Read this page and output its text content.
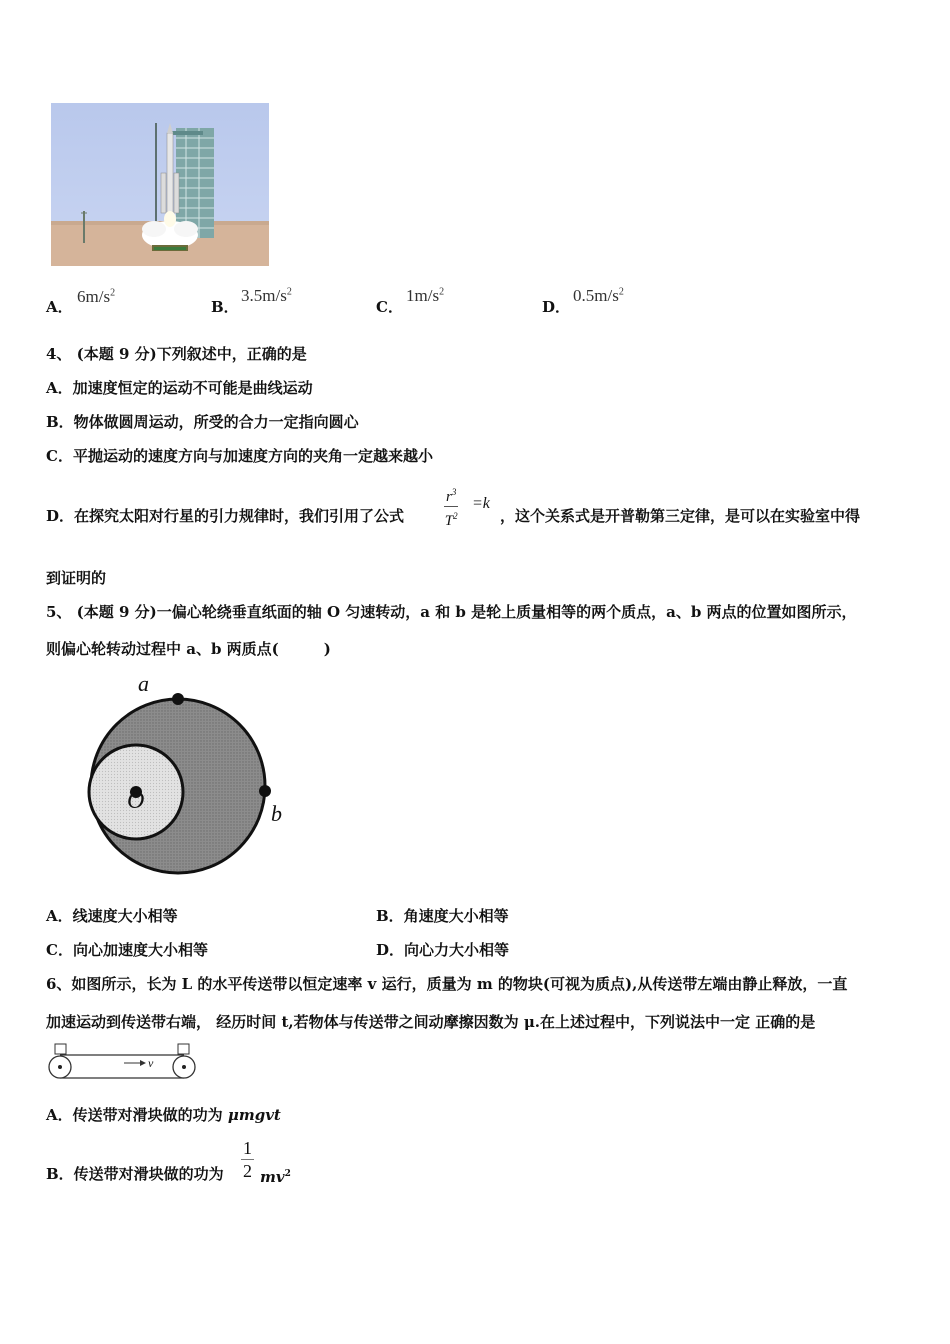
A．
$6m/s^2$
B．
$3.5m/s^2$
C．
$1m/s^2$
D．
$0.5m/s^2$
4、 (本题 9 分)下列叙述中，正确的是
A．加速度恒定的运动不可能是曲线运动
B．物体做圆周运动，所受的合力一定指向圆心
C．平抛运动的速度方向与加速度方向的夹角一定越来越小
D．在探究太阳对行星的引力规律时，我们引用了公式	$\frac{r^3}{T^2} =k$
，这个关系式是开普勒第三定律，是可以在实验室中得
到证明的
5、 (本题 9 分)一偏心轮绕垂直纸面的轴 O 匀速转动，a 和 b 是轮上质量相等的两个质点，a、b 两点的位置如图所示，
则偏心轮转动过程中 a、b 两质点(　　　)
a
b
O
A．线速度大小相等	B．角速度大小相等
C．向心加速度大小相等	D．向心力大小相等
6、如图所示，长为 L 的水平传送带以恒定速率 v 运行，质量为 m 的物块(可视为质点),从传送带左端由静止释放，一直
加速运动到传送带右端， 经历时间 t,若物体与传送带之间动摩擦因数为 μ.在上述过程中，下列说法中一定 正确的是
v
A．传送带对滑块做的功为 μmgvt
B．传送带对滑块做的功为 $\frac{1}{2} mv^2$
